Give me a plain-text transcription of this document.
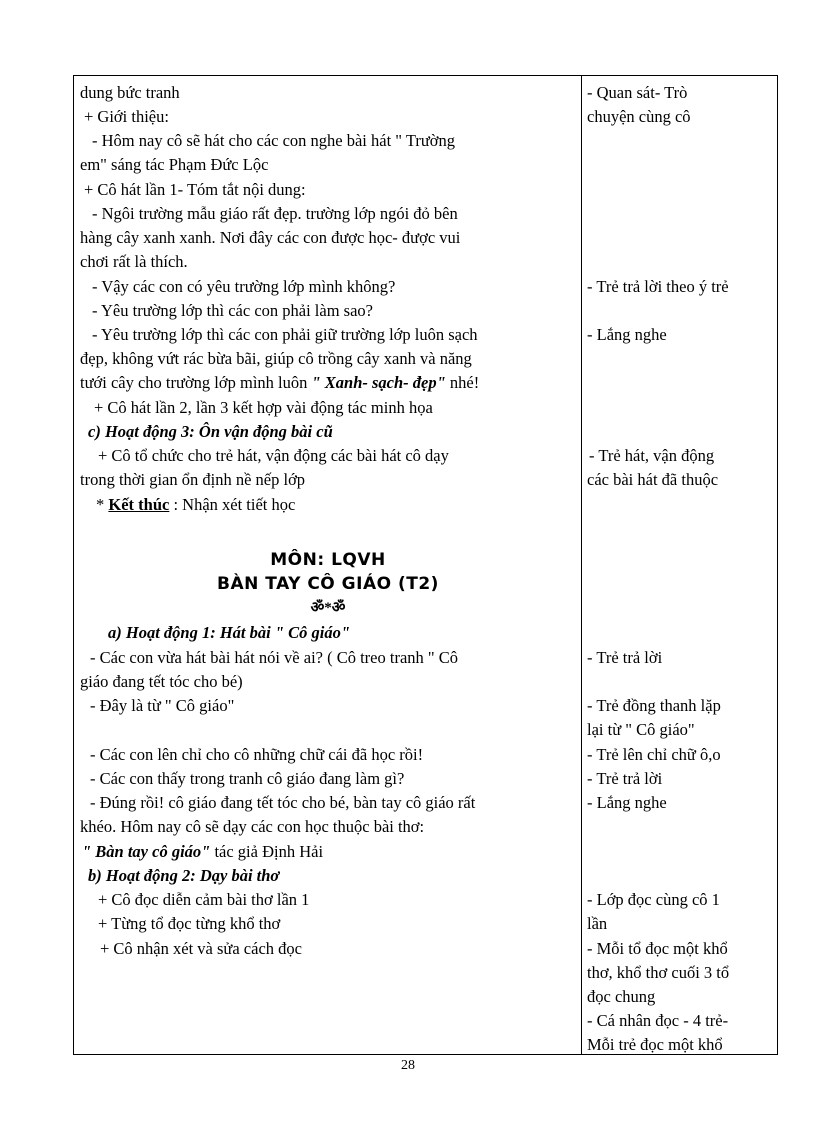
dung bức tranh
+ Giới thiệu:
- Hôm nay cô sẽ hát cho các con nghe bài hát " Trường
em" sáng tác Phạm Đức Lộc
+ Cô hát lần 1- Tóm tắt nội dung:
- Ngôi trường mẫu giáo rất đẹp. trường lớp ngói đỏ bên
hàng cây xanh xanh. Nơi đây các con được học- được vui
chơi rất là thích.
- Vậy các con có yêu trường lớp mình không?
- Yêu trường lớp thì các con phải làm sao?
- Yêu trường lớp thì các con phải giữ trường lớp luôn sạch
đẹp, không vứt rác bừa bãi, giúp cô trồng cây xanh và năng
tưới cây cho trường lớp mình luôn " Xanh- sạch- đẹp" nhé!
+ Cô hát lần 2, lần 3 kết hợp vài động tác minh họa
c) Hoạt động 3: Ôn vận động bài cũ
+ Cô tổ chức cho trẻ hát, vận động các bài hát cô dạy
trong thời gian ổn định nề nếp lớp
* Kết thúc : Nhận xét tiết học
MÔN: LQVH
BÀN TAY CÔ GIÁO (T2)
ॐ*ॐ
a) Hoạt động 1: Hát bài " Cô giáo"
- Các con vừa hát bài hát nói về ai? ( Cô treo tranh " Cô
giáo đang tết tóc cho bé)
- Đây là từ " Cô giáo"
- Các con lên chỉ cho cô những chữ cái đã học rồi!
- Các con thấy trong tranh cô giáo đang làm gì?
- Đúng rồi! cô giáo đang tết tóc cho bé, bàn tay cô giáo rất
khéo. Hôm nay cô sẽ dạy các con học thuộc bài thơ:
" Bàn tay cô giáo" tác giả Định Hải
b) Hoạt động 2: Dạy bài thơ
+ Cô đọc diễn cảm bài thơ lần 1
+ Từng tổ đọc từng khổ thơ
+ Cô nhận xét và sửa cách đọc
- Quan sát- Trò
chuyện cùng cô
- Trẻ trả lời theo ý trẻ
- Lắng nghe
- Trẻ hát, vận động
các bài hát đã thuộc
- Trẻ trả lời
- Trẻ đồng thanh lặp
lại từ " Cô giáo"
- Trẻ lên chỉ chữ ô,o
- Trẻ trả lời
- Lắng nghe
- Lớp đọc cùng cô 1
lần
- Mỗi tổ đọc một khổ
thơ, khổ thơ cuối 3 tổ
đọc chung
- Cá nhân đọc - 4 trẻ-
Mỗi trẻ đọc một khổ
28
